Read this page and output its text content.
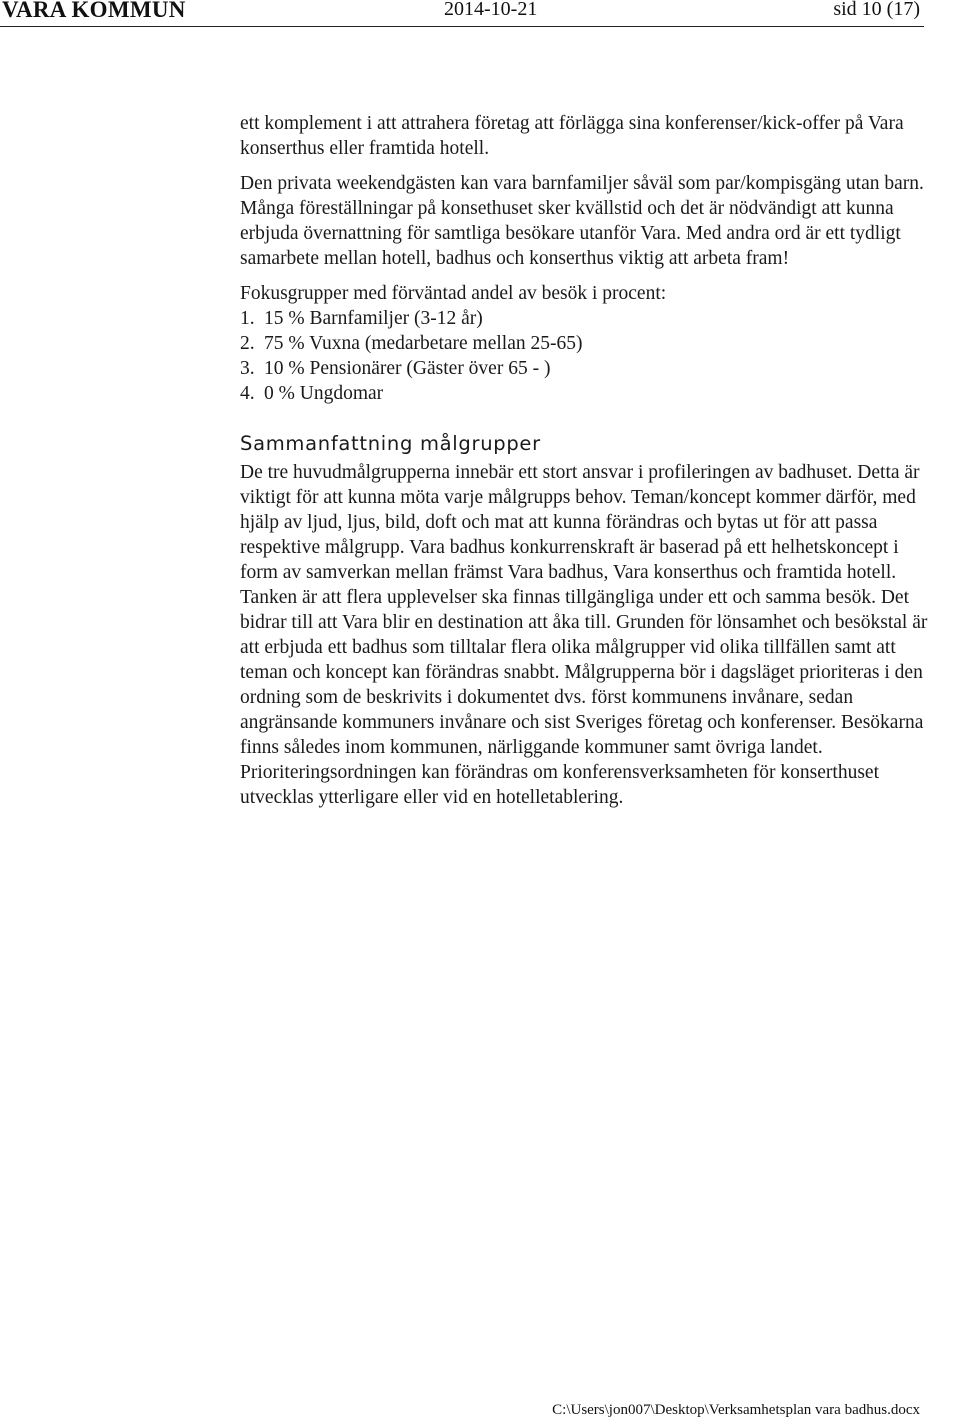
VARA KOMMUN	2014-10-21	sid 10 (17)

ett komplement i att attrahera företag att förlägga sina konferenser/kick-offer på Vara konserthus eller framtida hotell.

Den privata weekendgästen kan vara barnfamiljer såväl som par/kompisgäng utan barn. Många föreställningar på konsethuset sker kvällstid och det är nödvändigt att kunna erbjuda övernattning för samtliga besökare utanför Vara. Med andra ord är ett tydligt samarbete mellan hotell, badhus och konserthus viktig att arbeta fram!

Fokusgrupper med förväntad andel av besök i procent:

1. 15 % Barnfamiljer (3-12 år)
2. 75 % Vuxna (medarbetare mellan 25-65)
3. 10 % Pensionärer (Gäster över 65 - )
4. 0 % Ungdomar
Sammanfattning målgrupper

De tre huvudmålgrupperna innebär ett stort ansvar i profileringen av badhuset. Detta är viktigt för att kunna möta varje målgrupps behov. Teman/koncept kommer därför, med hjälp av ljud, ljus, bild, doft och mat att kunna förändras och bytas ut för att passa respektive målgrupp. Vara badhus konkurrenskraft är baserad på ett helhetskoncept i form av samverkan mellan främst Vara badhus, Vara konserthus och framtida hotell. Tanken är att flera upplevelser ska finnas tillgängliga under ett och samma besök. Det bidrar till att Vara blir en destination att åka till. Grunden för lönsamhet och besökstal är att erbjuda ett badhus som tilltalar flera olika målgrupper vid olika tillfällen samt att teman och koncept kan förändras snabbt. Målgrupperna bör i dagsläget prioriteras i den ordning som de beskrivits i dokumentet dvs. först kommunens invånare, sedan angränsande kommuners invånare och sist Sveriges företag och konferenser. Besökarna finns således inom kommunen, närliggande kommuner samt övriga landet. Prioriteringsordningen kan förändras om konferensverksamheten för konserthuset utvecklas ytterligare eller vid en hotelletablering.

C:\Users\jon007\Desktop\Verksamhetsplan vara badhus.docx
